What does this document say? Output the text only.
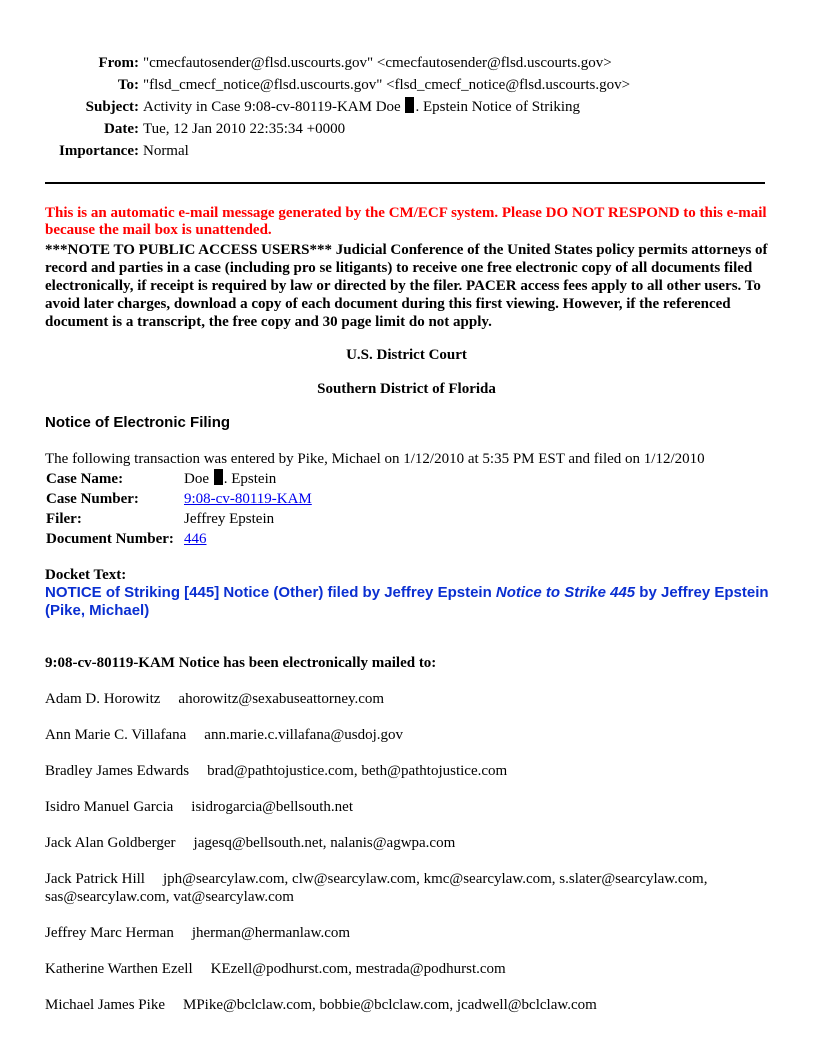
From:	"cmecfautosender@flsd.uscourts.gov" <cmecfautosender@flsd.uscourts.gov>
To:	"flsd_cmecf_notice@flsd.uscourts.gov" <flsd_cmecf_notice@flsd.uscourts.gov>
Subject:	Activity in Case 9:08-cv-80119-KAM Doe . Epstein Notice of Striking
Date:	Tue, 12 Jan 2010 22:35:34 +0000
Importance:	Normal
This is an automatic e-mail message generated by the CM/ECF system. Please DO NOT RESPOND to this e-mail because the mail box is unattended.
***NOTE TO PUBLIC ACCESS USERS*** Judicial Conference of the United States policy permits attorneys of record and parties in a case (including pro se litigants) to receive one free electronic copy of all documents filed electronically, if receipt is required by law or directed by the filer. PACER access fees apply to all other users. To avoid later charges, download a copy of each document during this first viewing. However, if the referenced document is a transcript, the free copy and 30 page limit do not apply.
U.S. District Court
Southern District of Florida
Notice of Electronic Filing
The following transaction was entered by Pike, Michael on 1/12/2010 at 5:35 PM EST and filed on 1/12/2010
Case Name:	Doe . Epstein
Case Number:	9:08-cv-80119-KAM
Filer:	Jeffrey Epstein
Document Number:	446
Docket Text:
NOTICE of Striking [445] Notice (Other) filed by Jeffrey Epstein Notice to Strike 445 by Jeffrey Epstein (Pike, Michael)
9:08-cv-80119-KAM Notice has been electronically mailed to:
Adam D. Horowitz ahorowitz@sexabuseattorney.com
Ann Marie C. Villafana ann.marie.c.villafana@usdoj.gov
Bradley James Edwards brad@pathtojustice.com, beth@pathtojustice.com
Isidro Manuel Garcia isidrogarcia@bellsouth.net
Jack Alan Goldberger jagesq@bellsouth.net, nalanis@agwpa.com
Jack Patrick Hill jph@searcylaw.com, clw@searcylaw.com, kmc@searcylaw.com, s.slater@searcylaw.com, sas@searcylaw.com, vat@searcylaw.com
Jeffrey Marc Herman jherman@hermanlaw.com
Katherine Warthen Ezell KEzell@podhurst.com, mestrada@podhurst.com
Michael James Pike MPike@bclclaw.com, bobbie@bclclaw.com, jcadwell@bclclaw.com
